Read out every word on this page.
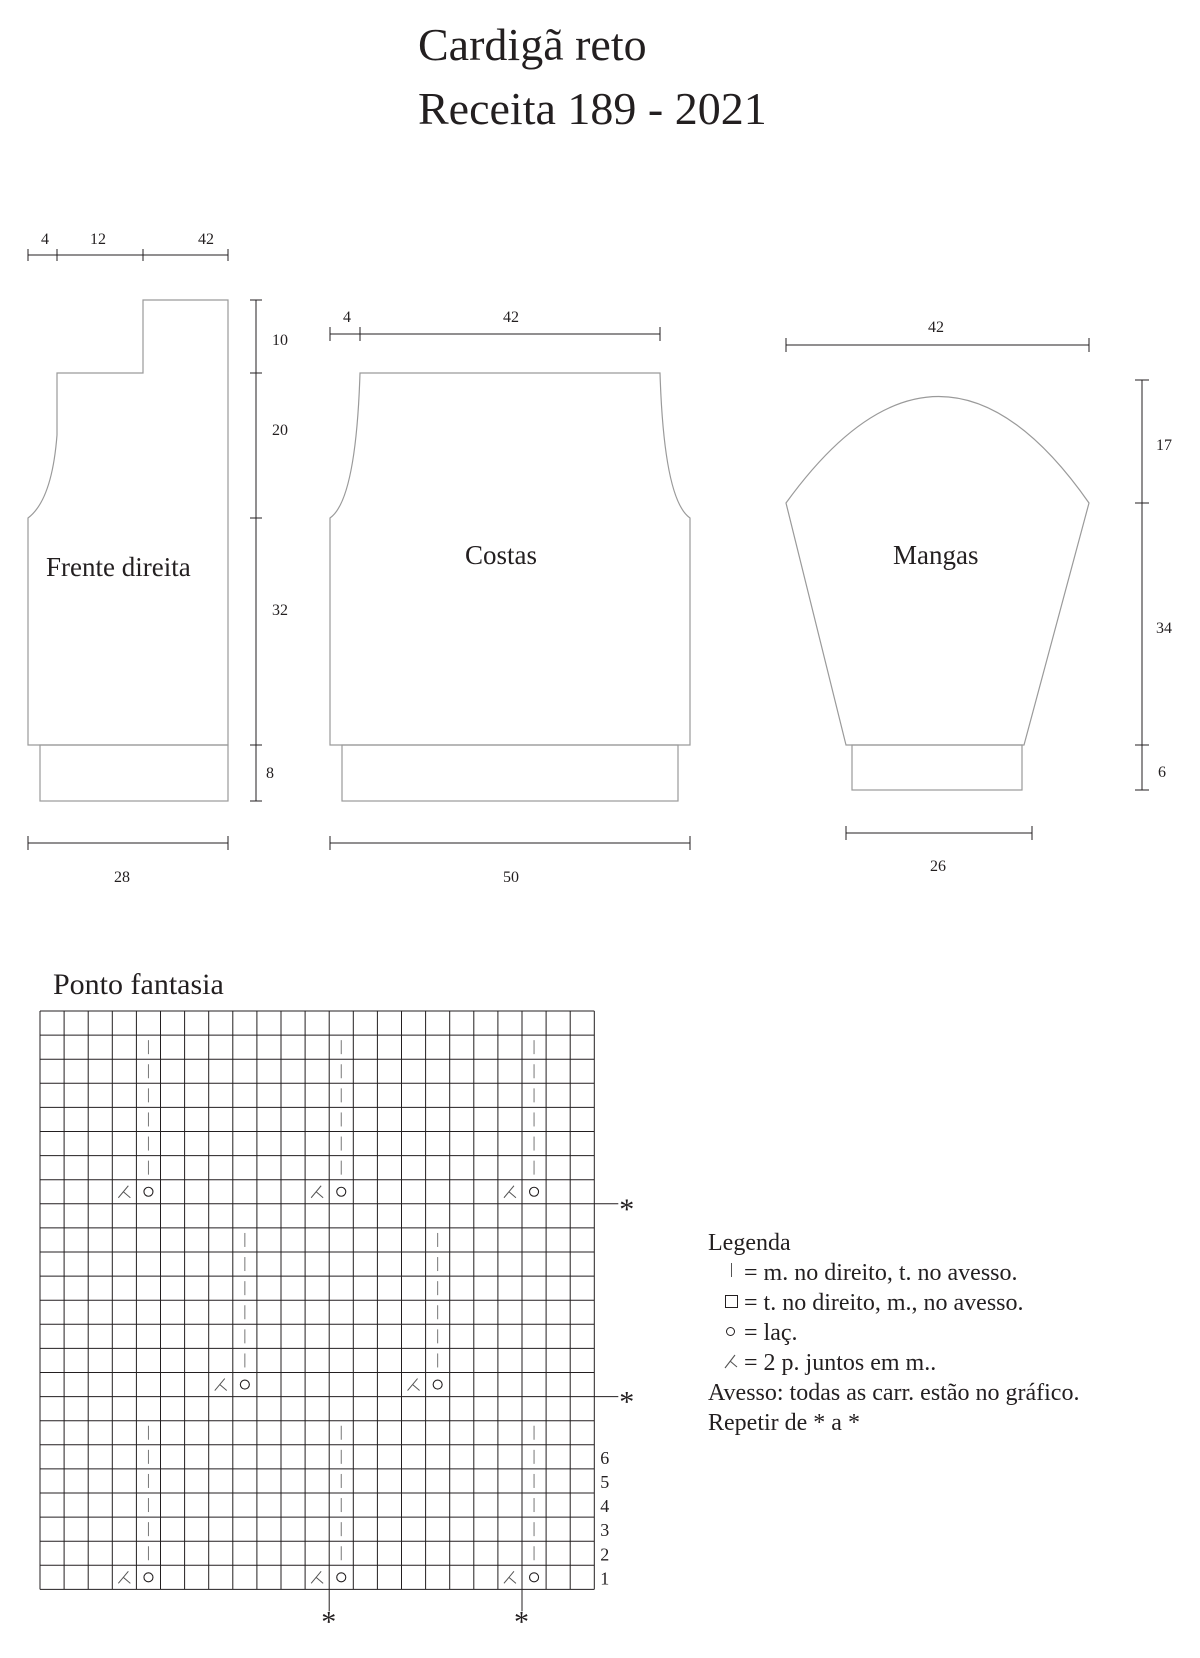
Cardigã reto
Receita 189 - 2021
Frente direita
4	12	42
10
20
32
8
28
Costas
4	42
50
Mangas
42
17
34
6
26
Ponto fantasia
1
2
3
4
5
6
*
*
*	*
Legenda
= m. no direito, t. no avesso.
= t. no direito, m., no avesso.
= laç.
= 2 p. juntos em m..
Avesso: todas as carr. estão no gráfico.
Repetir de * a *
